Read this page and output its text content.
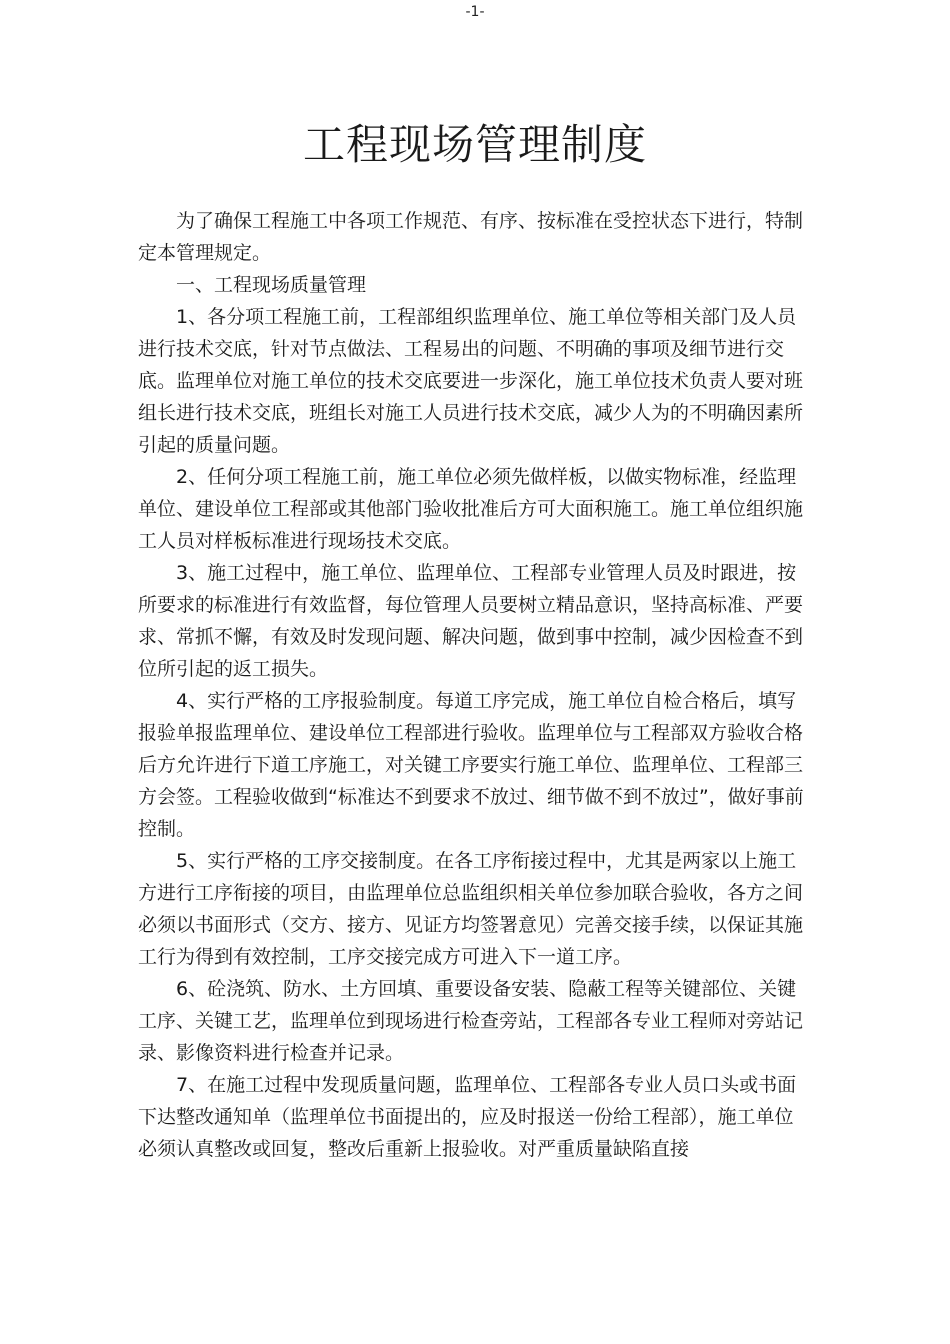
-1-
工程现场管理制度

为了确保工程施工中各项工作规范、有序、按标准在受控状态下进行，特制定本管理规定。

一、工程现场质量管理

1、各分项工程施工前，工程部组织监理单位、施工单位等相关部门及人员进行技术交底，针对节点做法、工程易出的问题、不明确的事项及细节进行交底。监理单位对施工单位的技术交底要进一步深化，施工单位技术负责人要对班组长进行技术交底，班组长对施工人员进行技术交底，减少人为的不明确因素所引起的质量问题。

2、任何分项工程施工前，施工单位必须先做样板，以做实物标准，经监理单位、建设单位工程部或其他部门验收批准后方可大面积施工。施工单位组织施工人员对样板标准进行现场技术交底。

3、施工过程中，施工单位、监理单位、工程部专业管理人员及时跟进，按所要求的标准进行有效监督，每位管理人员要树立精品意识，坚持高标准、严要求、常抓不懈，有效及时发现问题、解决问题，做到事中控制，减少因检查不到位所引起的返工损失。

4、实行严格的工序报验制度。每道工序完成，施工单位自检合格后，填写报验单报监理单位、建设单位工程部进行验收。监理单位与工程部双方验收合格后方允许进行下道工序施工，对关键工序要实行施工单位、监理单位、工程部三方会签。工程验收做到“标准达不到要求不放过、细节做不到不放过”，做好事前控制。

5、实行严格的工序交接制度。在各工序衔接过程中，尤其是两家以上施工方进行工序衔接的项目，由监理单位总监组织相关单位参加联合验收，各方之间必须以书面形式（交方、接方、见证方均签署意见）完善交接手续，以保证其施工行为得到有效控制，工序交接完成方可进入下一道工序。

6、砼浇筑、防水、土方回填、重要设备安装、隐蔽工程等关键部位、关键工序、关键工艺，监理单位到现场进行检查旁站，工程部各专业工程师对旁站记录、影像资料进行检查并记录。

7、在施工过程中发现质量问题，监理单位、工程部各专业人员口头或书面下达整改通知单（监理单位书面提出的，应及时报送一份给工程部），施工单位必须认真整改或回复，整改后重新上报验收。对严重质量缺陷直接
